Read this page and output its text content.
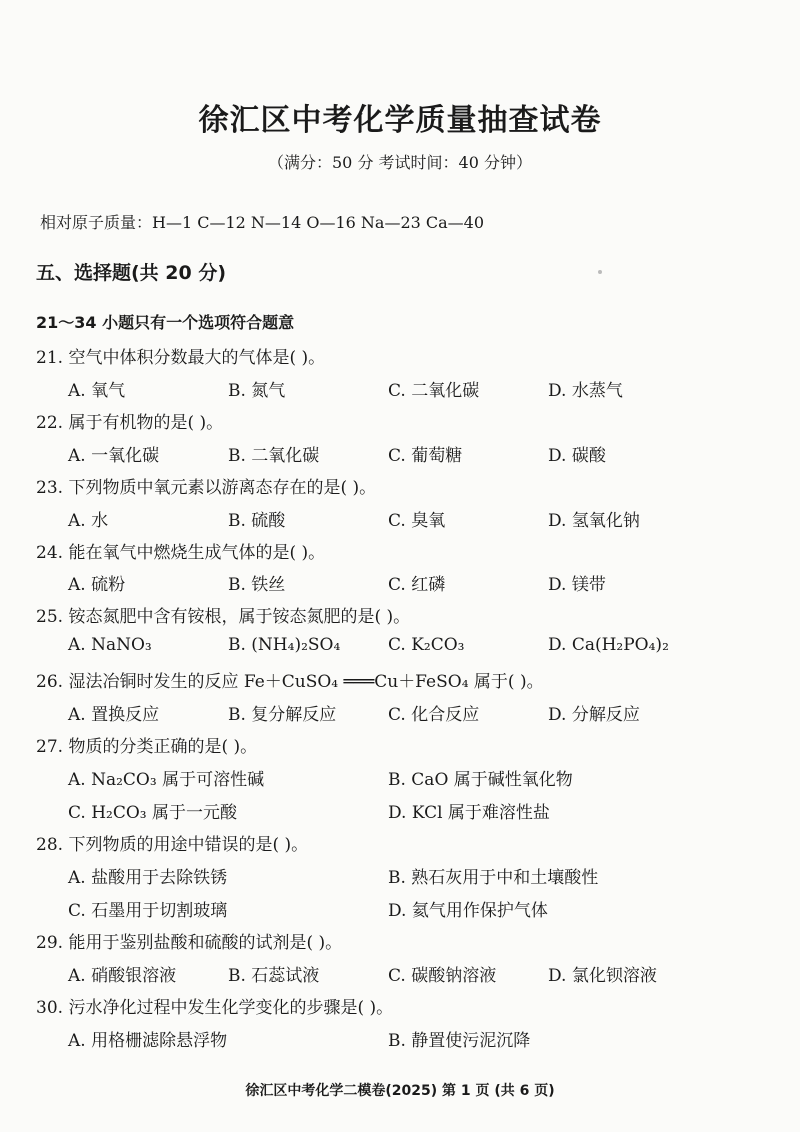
徐汇区中考化学质量抽查试卷
（满分：50 分 考试时间：40 分钟）
相对原子质量：H—1 C—12 N—14 O—16 Na—23 Ca—40
五、选择题(共 20 分)
21～34 小题只有一个选项符合题意
21. 空气中体积分数最大的气体是( )。
A. 氧气	B. 氮气	C. 二氧化碳	D. 水蒸气
22. 属于有机物的是( )。
A. 一氧化碳	B. 二氧化碳	C. 葡萄糖	D. 碳酸
23. 下列物质中氧元素以游离态存在的是( )。
A. 水	B. 硫酸	C. 臭氧	D. 氢氧化钠
24. 能在氧气中燃烧生成气体的是( )。
A. 硫粉	B. 铁丝	C. 红磷	D. 镁带
25. 铵态氮肥中含有铵根，属于铵态氮肥的是( )。
A. NaNO₃	B. (NH₄)₂SO₄	C. K₂CO₃	D. Ca(H₂PO₄)₂
26. 湿法冶铜时发生的反应 Fe＋CuSO₄ ═══Cu＋FeSO₄ 属于( )。
A. 置换反应	B. 复分解反应	C. 化合反应	D. 分解反应
27. 物质的分类正确的是( )。
A. Na₂CO₃ 属于可溶性碱	B. CaO 属于碱性氧化物
C. H₂CO₃ 属于一元酸	D. KCl 属于难溶性盐
28. 下列物质的用途中错误的是( )。
A. 盐酸用于去除铁锈	B. 熟石灰用于中和土壤酸性
C. 石墨用于切割玻璃	D. 氦气用作保护气体
29. 能用于鉴别盐酸和硫酸的试剂是( )。
A. 硝酸银溶液	B. 石蕊试液	C. 碳酸钠溶液	D. 氯化钡溶液
30. 污水净化过程中发生化学变化的步骤是( )。
A. 用格栅滤除悬浮物	B. 静置使污泥沉降
徐汇区中考化学二模卷(2025) 第 1 页 (共 6 页)
